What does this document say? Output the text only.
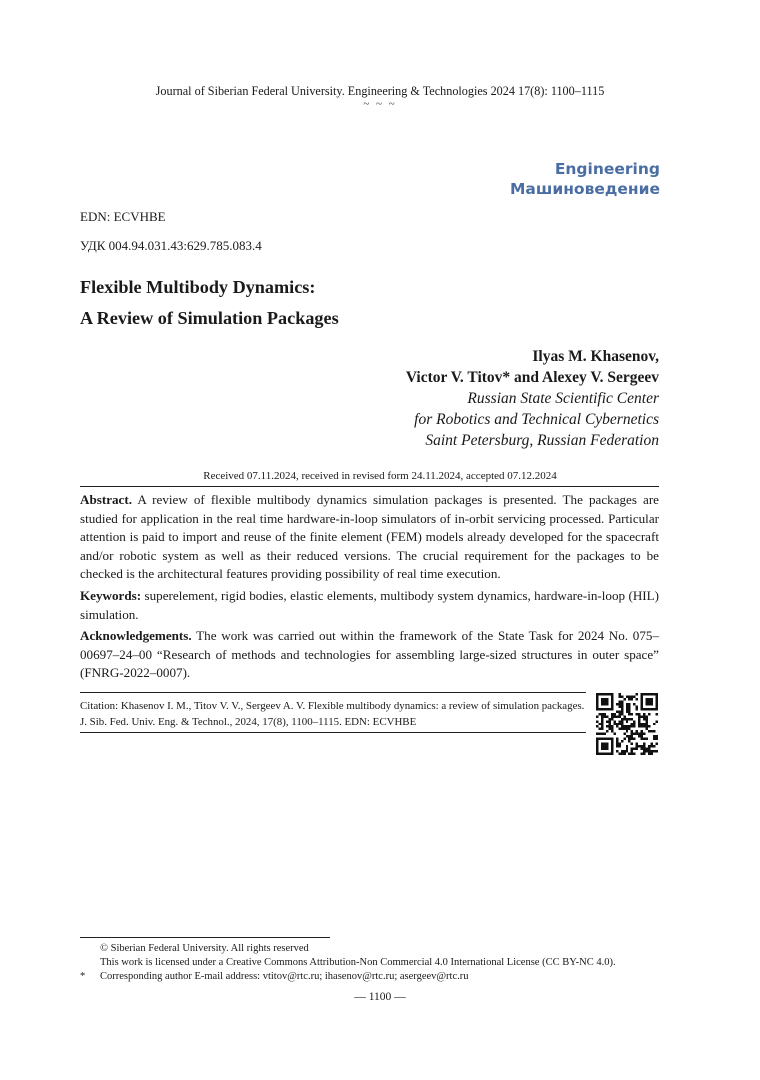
Journal of Siberian Federal University. Engineering & Technologies 2024 17(8): 1100–1115
~ ~ ~
Engineering
Машиноведение
EDN: ECVHBE
УДК 004.94.031.43:629.785.083.4
Flexible Multibody Dynamics:
A Review of Simulation Packages
Ilyas M. Khasenov,
Victor V. Titov* and Alexey V. Sergeev
Russian State Scientific Center
for Robotics and Technical Cybernetics
Saint Petersburg, Russian Federation
Received 07.11.2024, received in revised form 24.11.2024, accepted 07.12.2024
Abstract. A review of flexible multibody dynamics simulation packages is presented. The packages are studied for application in the real time hardware-in-loop simulators of in-orbit servicing processed. Particular attention is paid to import and reuse of the finite element (FEM) models already developed for the spacecraft and/or robotic system as well as their reduced versions. The crucial requirement for the packages to be checked is the architectural features providing possibility of real time execution.
Keywords: superelement, rigid bodies, elastic elements, multibody system dynamics, hardware-in-loop (HIL) simulation.
Acknowledgements. The work was carried out within the framework of the State Task for 2024 No. 075–00697–24–00 “Research of methods and technologies for assembling large-sized structures in outer space” (FNRG-2022–0007).
Citation: Khasenov I. M., Titov V. V., Sergeev A. V. Flexible multibody dynamics: a review of simulation packages. J. Sib. Fed. Univ. Eng. & Technol., 2024, 17(8), 1100–1115. EDN: ECVHBE
© Siberian Federal University. All rights reserved
This work is licensed under a Creative Commons Attribution-Non Commercial 4.0 International License (CC BY-NC 4.0).
* Corresponding author E-mail address: vtitov@rtc.ru; ihasenov@rtc.ru; asergeev@rtc.ru
— 1100 —
